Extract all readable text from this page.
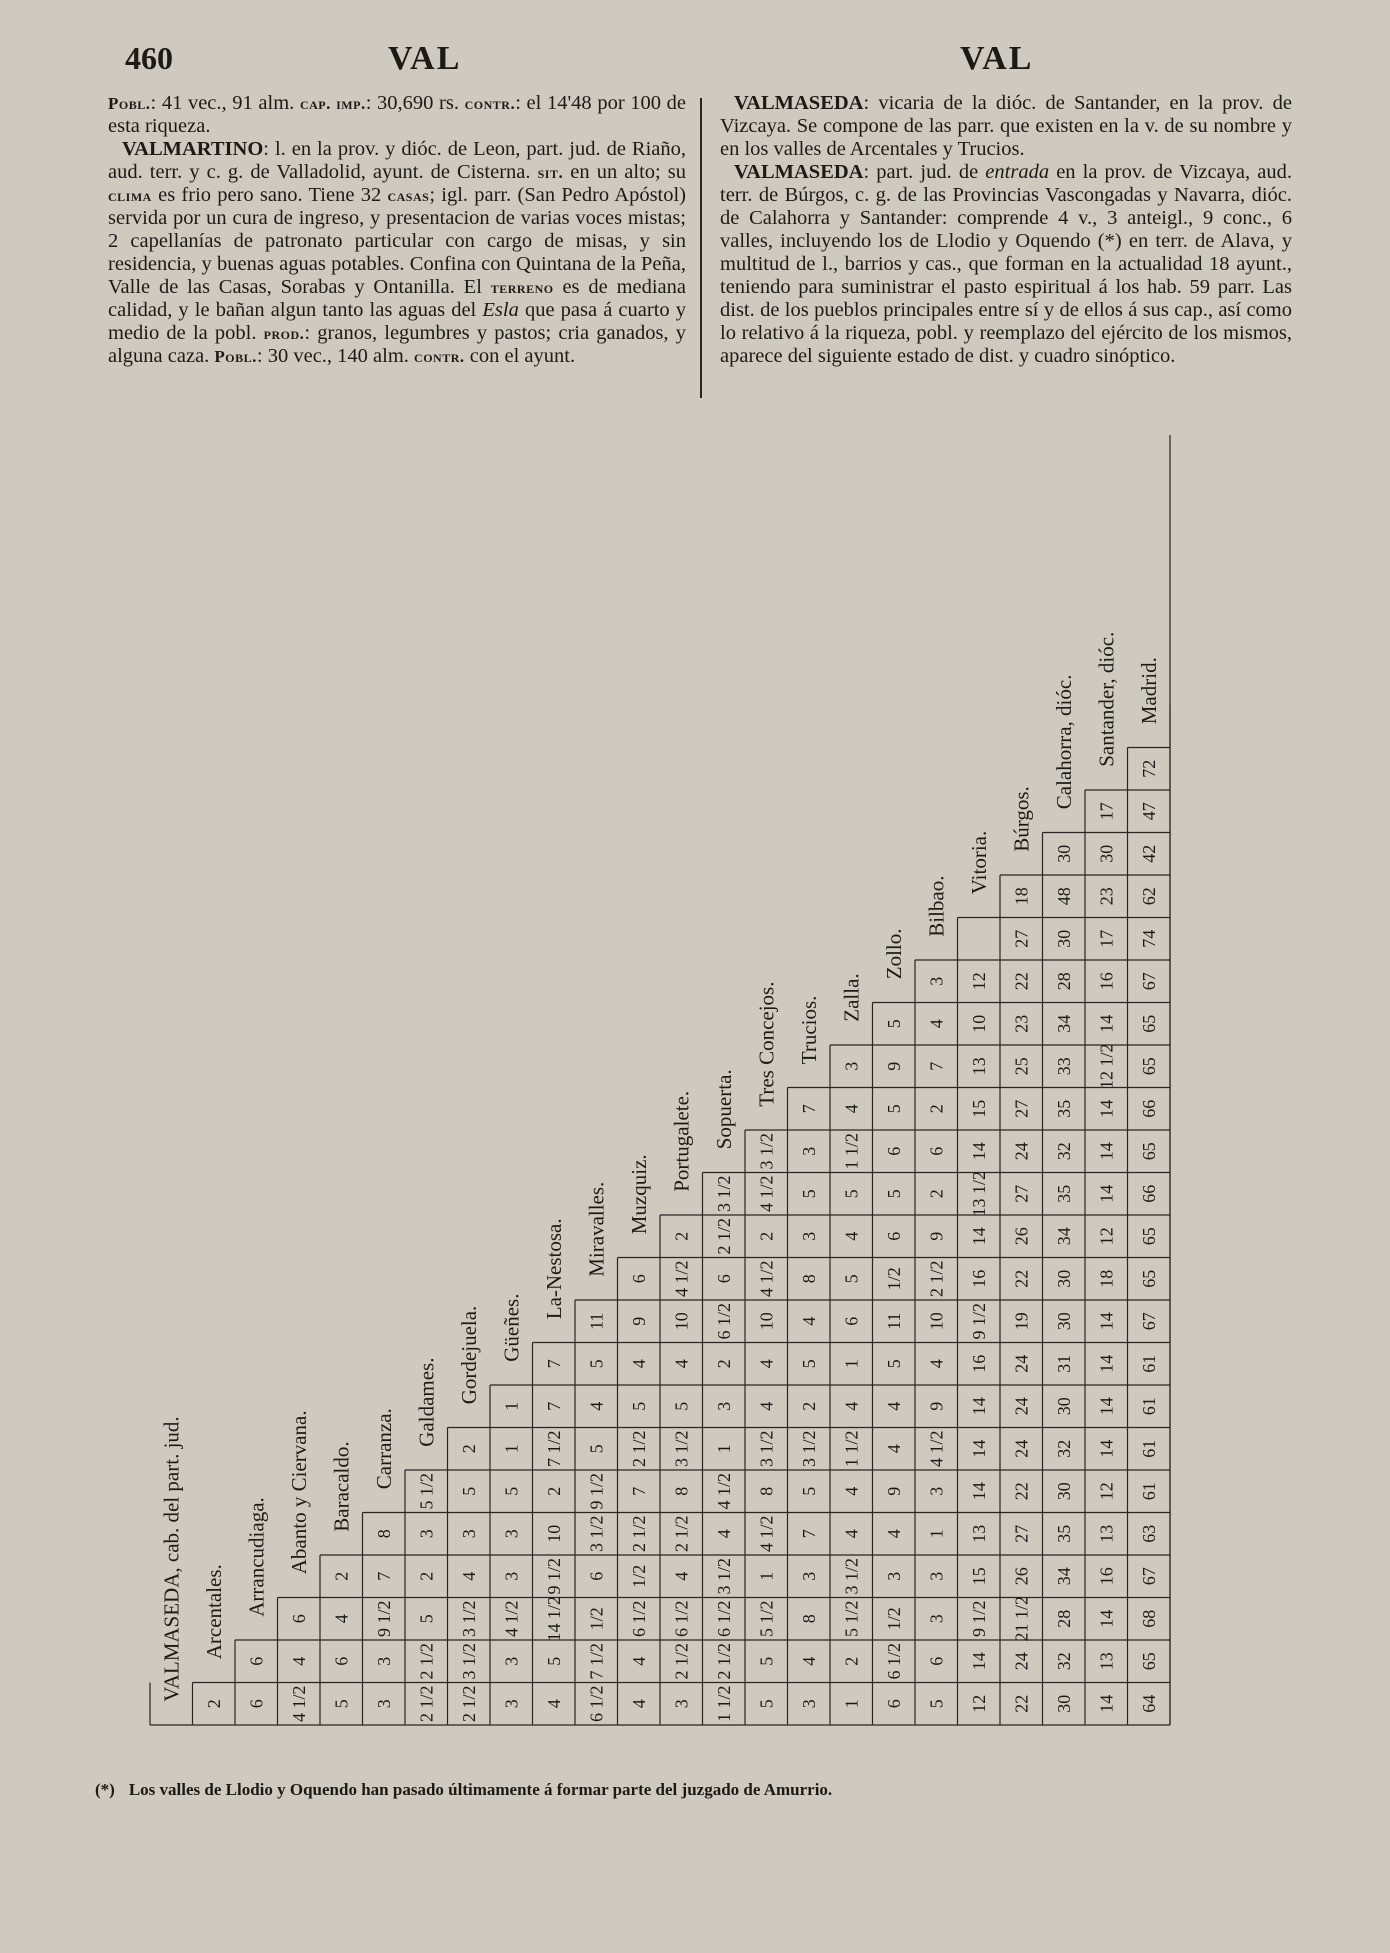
460	VAL	VAL

Pobl.: 41 vec., 91 alm. cap. imp.: 30,690 rs. contr.: el 14'48 por 100 de esta riqueza.

VALMARTINO: l. en la prov. y dióc. de Leon, part. jud. de Riaño, aud. terr. y c. g. de Valladolid, ayunt. de Cisterna. sit. en un alto; su clima es frio pero sano. Tiene 32 casas; igl. parr. (San Pedro Apóstol) servida por un cura de ingreso, y presentacion de varias voces mistas; 2 capellanías de patronato particular con cargo de misas, y sin residencia, y buenas aguas potables. Confina con Quintana de la Peña, Valle de las Casas, Sorabas y Ontanilla. El terreno es de mediana calidad, y le bañan algun tanto las aguas del Esla que pasa á cuarto y medio de la pobl. prod.: granos, legumbres y pastos; cria ganados, y alguna caza. Pobl.: 30 vec., 140 alm. contr. con el ayunt.

VALMASEDA: vicaria de la dióc. de Santander, en la prov. de Vizcaya. Se compone de las parr. que existen en la v. de su nombre y en los valles de Arcentales y Trucios.

VALMASEDA: part. jud. de entrada en la prov. de Vizcaya, aud. terr. de Búrgos, c. g. de las Provincias Vascongadas y Navarra, dióc. de Calahorra y Santander: comprende 4 v., 3 anteigl., 9 conc., 6 valles, incluyendo los de Llodio y Oquendo (*) en terr. de Alava, y multitud de l., barrios y cas., que forman en la actualidad 18 ayunt., teniendo para suministrar el pasto espiritual á los hab. 59 parr. Las dist. de los pueblos principales entre sí y de ellos á sus cap., así como lo relativo á la riqueza, pobl. y reemplazo del ejército de los mismos, aparece del siguiente estado de dist. y cuadro sinóptico.

VALMASEDA, cab. del part. jud. Arcentales. Arrancudiaga. Abanto y Ciervana. Baracaldo. Carranza.
Galdames. Gordejuela. Güeñes.
La-Nestosa. Miravalles. Muzquiz.
Portugalete. Sopuerta.
Tres Concejos. Trucios. Zalla.
Zollo.
Bilbao.
Vitoria.
Búrgos.
Calahorra, dióc. Santander, dióc. Madrid.
2 6
6
4 1/2
4
6
5
6
4
2
3
3
9 1/2
7
8
2 1/2
2 1/2
5
2
3
5 1/2
2 1/2
3 1/2
3 1/2
4
3
5
2
3
3
4 1/2
3
3
5
1
1
4
5
14 1/2
9 1/2
10
2
7 1/2
7
7
6 1/2
7 1/2
1/2
6
3 1/2
9 1/2
5
4
5
11
4
4
6 1/2
1/2
2 1/2
7
2 1/2
5
4
9
6
3
2 1/2
6 1/2
4
2 1/2
8
3 1/2
5
4
10
4 1/2
2
1 1/2
2 1/2
6 1/2
3 1/2
4
4 1/2
1
3
2
6 1/2
6
2 1/2
3 1/2
5
5
5 1/2
1
4 1/2
8
3 1/2
4
4
10
4 1/2
2
4 1/2
3 1/2
3
4
8
3
7
5
3 1/2
2
5
4
8
3
5
3
7
1
2
5 1/2
3 1/2
4
4
1 1/2
4
1
6
5
4
5
1 1/2
4
3
6
6 1/2
1/2
3
4
9
4
4
5
11
1/2
6
5
6
5
9
5
5
6
3
3
1
3
4 1/2
9
4
10
2 1/2
9
2
6
2
7
4
3
12
14
9 1/2
15
13
14
14
14
16
9 1/2
16
14
13 1/2
14
15
13
10
12
22
24
21 1/2
26
27
22
24
24
24
19
22
26
27
24
27
25
23
22
27
18
30
32
28
34
35
30
32
30
31
30
30
34
35
32
35
33
34
28
30
48
30
14
13
14
16
13
12
14
14
14
14
18
12
14
14
14
12 1/2
14
16
17
23
30
17
64
65
68
67
63
61
61
61
61
67
65
65
66
65
66
65
65
67
74
62
42
47
72
(*) Los valles de Llodio y Oquendo han pasado últimamente á formar parte del juzgado de Amurrio.
